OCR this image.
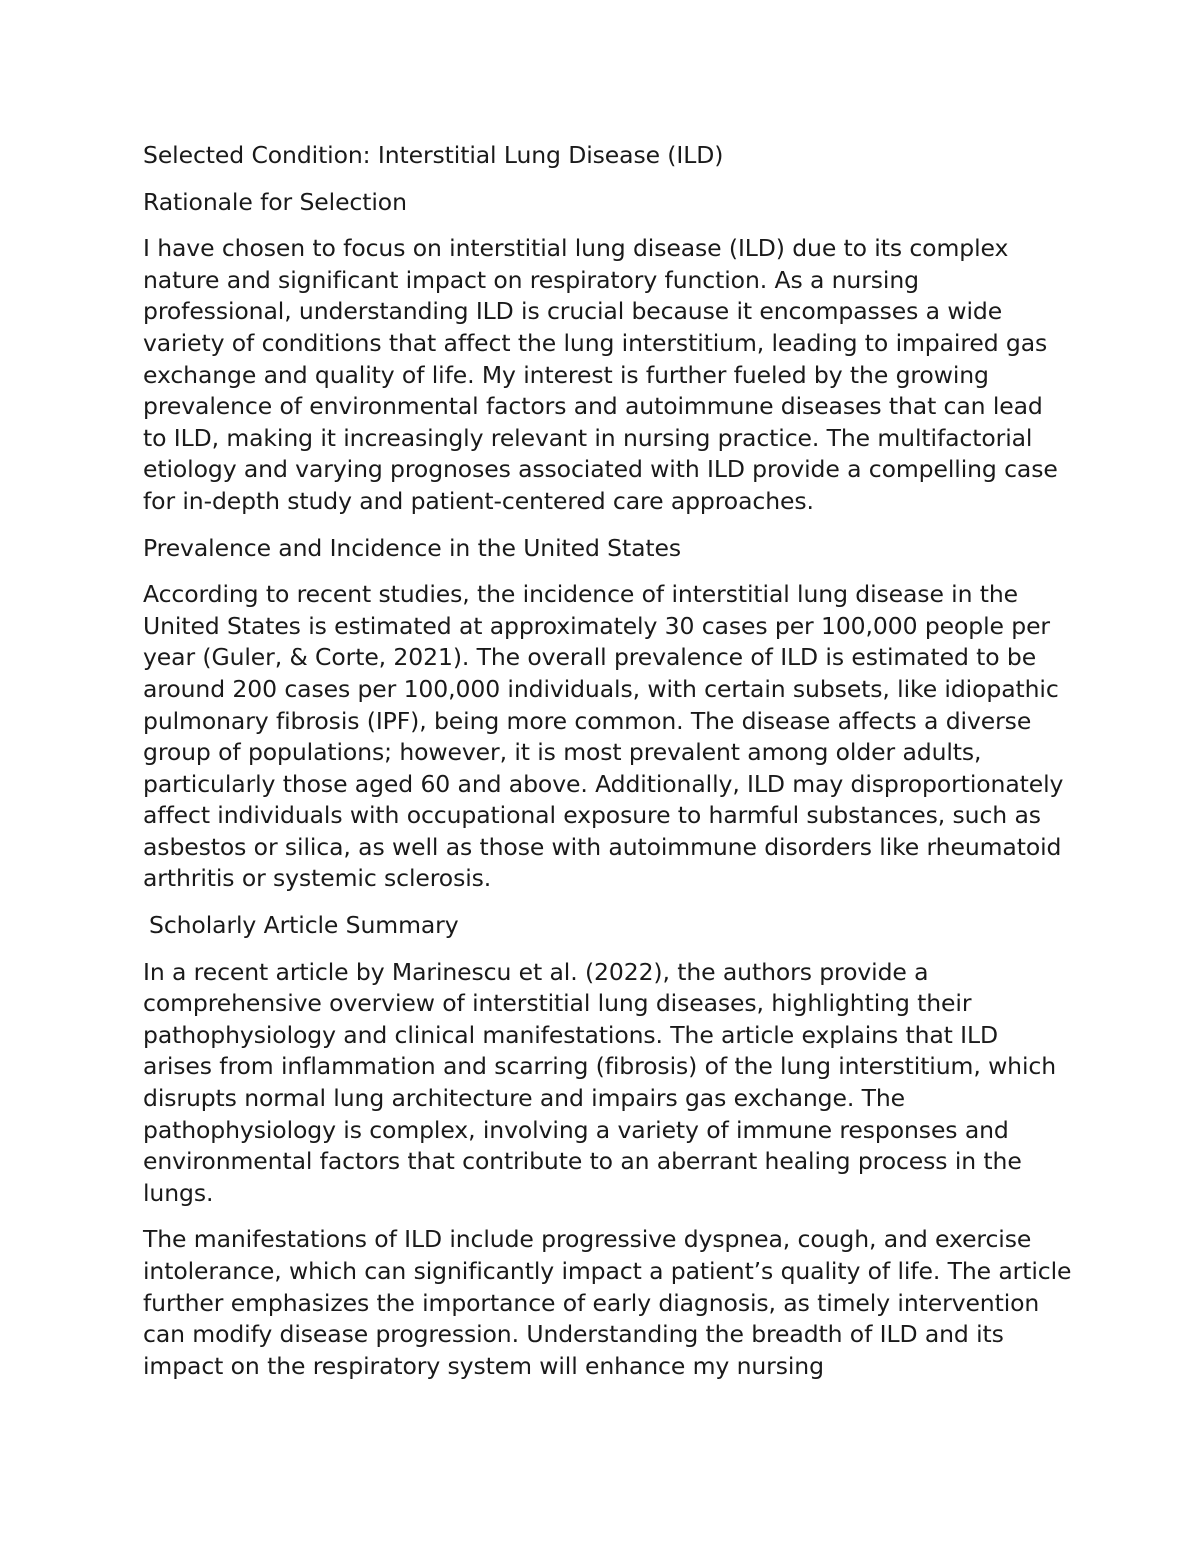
Selected Condition: Interstitial Lung Disease (ILD)

Rationale for Selection

I have chosen to focus on interstitial lung disease (ILD) due to its complex nature and significant impact on respiratory function. As a nursing professional, understanding ILD is crucial because it encompasses a wide variety of conditions that affect the lung interstitium, leading to impaired gas exchange and quality of life. My interest is further fueled by the growing prevalence of environmental factors and autoimmune diseases that can lead to ILD, making it increasingly relevant in nursing practice. The multifactorial etiology and varying prognoses associated with ILD provide a compelling case for in-depth study and patient-centered care approaches.

Prevalence and Incidence in the United States

According to recent studies, the incidence of interstitial lung disease in the United States is estimated at approximately 30 cases per 100,000 people per year (Guler, & Corte, 2021). The overall prevalence of ILD is estimated to be around 200 cases per 100,000 individuals, with certain subsets, like idiopathic pulmonary fibrosis (IPF), being more common. The disease affects a diverse group of populations; however, it is most prevalent among older adults, particularly those aged 60 and above. Additionally, ILD may disproportionately affect individuals with occupational exposure to harmful substances, such as asbestos or silica, as well as those with autoimmune disorders like rheumatoid arthritis or systemic sclerosis.

Scholarly Article Summary

In a recent article by Marinescu et al. (2022), the authors provide a comprehensive overview of interstitial lung diseases, highlighting their pathophysiology and clinical manifestations. The article explains that ILD arises from inflammation and scarring (fibrosis) of the lung interstitium, which disrupts normal lung architecture and impairs gas exchange. The pathophysiology is complex, involving a variety of immune responses and environmental factors that contribute to an aberrant healing process in the lungs.

The manifestations of ILD include progressive dyspnea, cough, and exercise intolerance, which can significantly impact a patient’s quality of life. The article further emphasizes the importance of early diagnosis, as timely intervention can modify disease progression. Understanding the breadth of ILD and its impact on the respiratory system will enhance my nursing
